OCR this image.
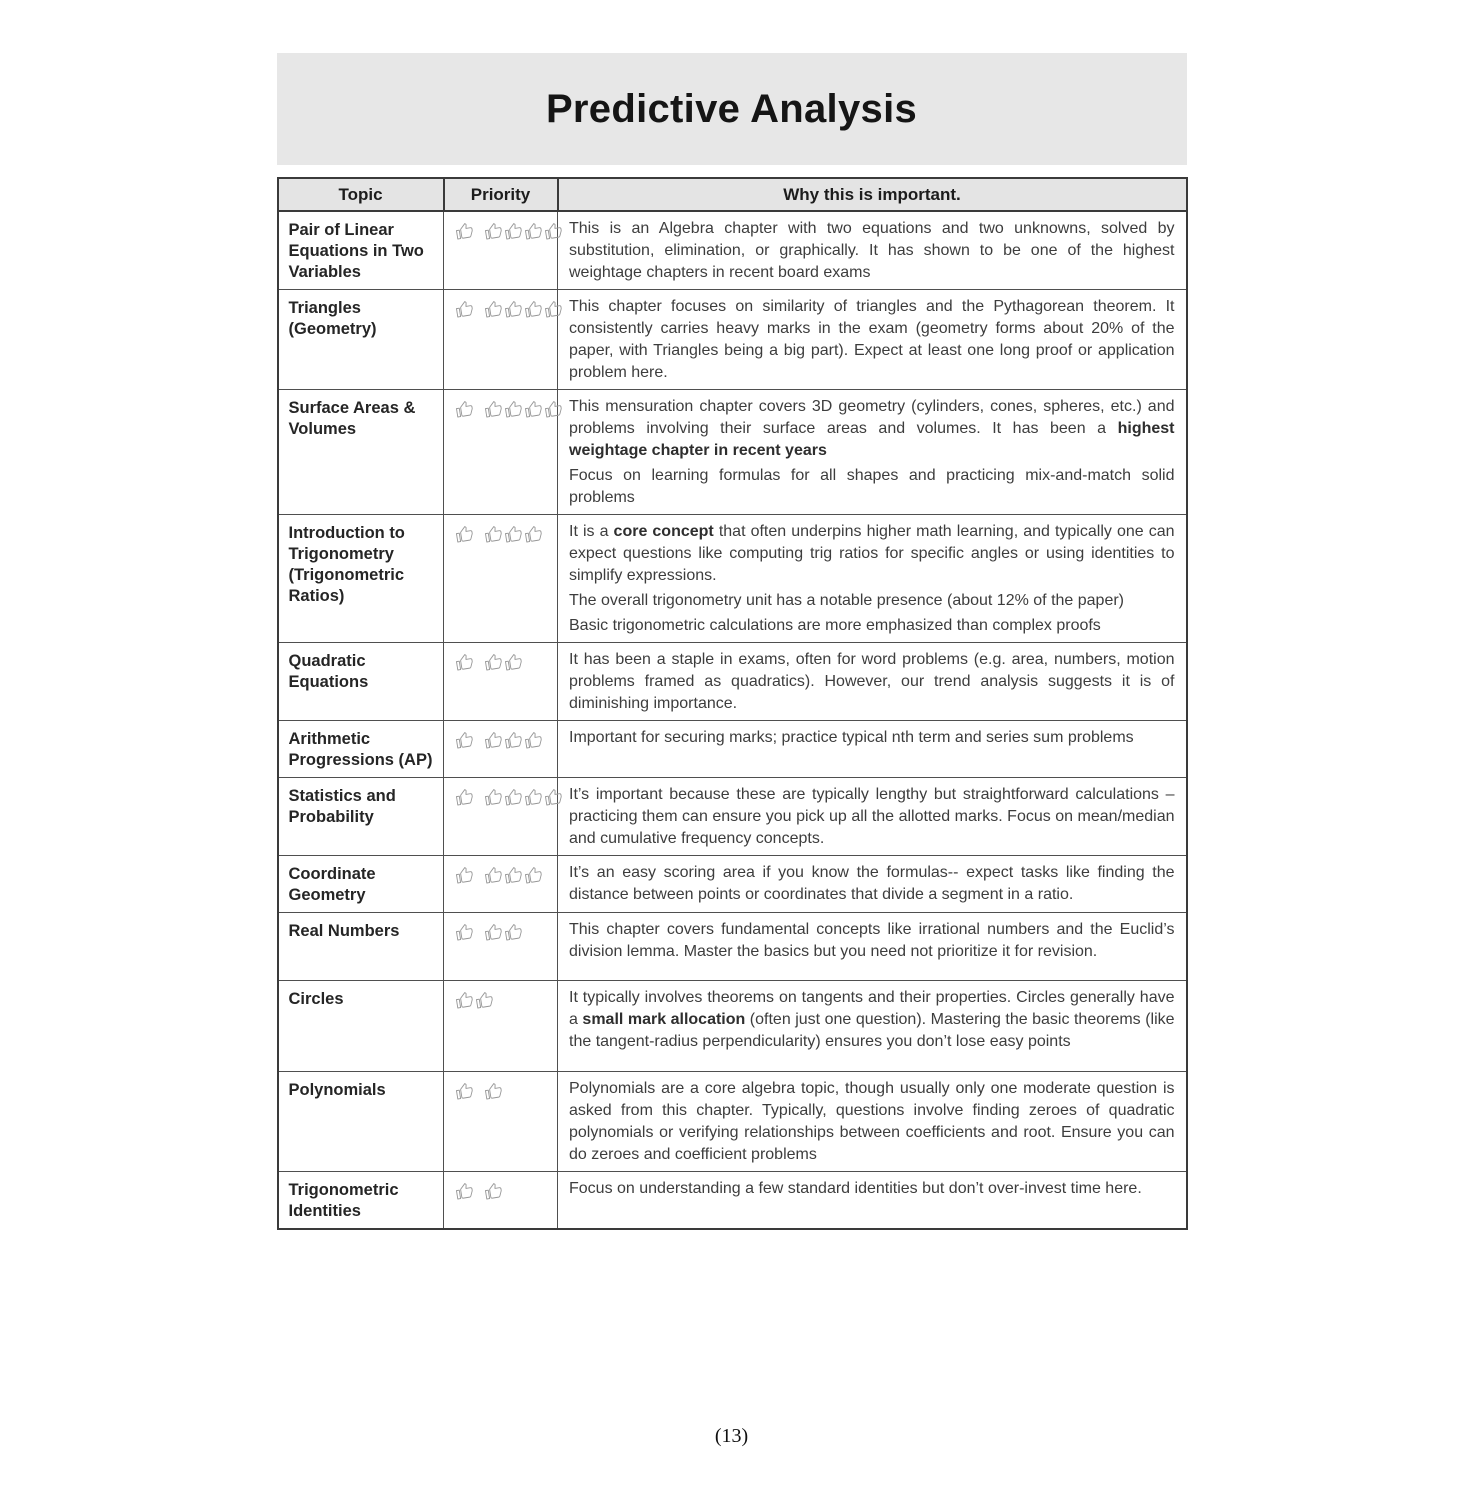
Predictive Analysis
Topic	Priority	Why this is important.
Pair of Linear Equations in Two Variables		This is an Algebra chapter with two equations and two unknowns, solved by substitution, elimination, or graphically. It has shown to be one of the highest weightage chapters in recent board exams

Triangles (Geometry)		This chapter focuses on similarity of triangles and the Pythagorean theorem. It consistently carries heavy marks in the exam (geometry forms about 20% of the paper, with Triangles being a big part). Expect at least one long proof or application problem here.

Surface Areas & Volumes		This mensuration chapter covers 3D geometry (cylinders, cones, spheres, etc.) and problems involving their surface areas and volumes. It has been a highest weightage chapter in recent years

Focus on learning formulas for all shapes and practicing mix-and-match solid problems

Introduction to Trigonometry (Trigonometric Ratios)		It is a core concept that often underpins higher math learning, and typically one can expect questions like computing trig ratios for specific angles or using identities to simplify expressions.

The overall trigonometry unit has a notable presence (about 12% of the paper)

Basic trigonometric calculations are more emphasized than complex proofs

Quadratic Equations		It has been a staple in exams, often for word problems (e.g. area, numbers, motion problems framed as quadratics). However, our trend analysis suggests it is of diminishing importance.

Arithmetic Progressions (AP)		Important for securing marks; practice typical nth term and series sum problems

Statistics and Probability		It’s important because these are typically lengthy but straightforward calculations – practicing them can ensure you pick up all the allotted marks. Focus on mean/median and cumulative frequency concepts.

Coordinate Geometry		It’s an easy scoring area if you know the formulas-- expect tasks like finding the distance between points or coordinates that divide a segment in a ratio.

Real Numbers		This chapter covers fundamental concepts like irrational numbers and the Euclid’s division lemma. Master the basics but you need not prioritize it for revision.

Circles		It typically involves theorems on tangents and their properties. Circles generally have a small mark allocation (often just one question). Mastering the basic theorems (like the tangent-radius perpendicularity) ensures you don’t lose easy points

Polynomials		Polynomials are a core algebra topic, though usually only one moderate question is asked from this chapter. Typically, questions involve finding zeroes of quadratic polynomials or verifying relationships between coefficients and root. Ensure you can do zeroes and coefficient problems

Trigonometric Identities		Focus on understanding a few standard identities but don’t over-invest time here.

(13)
